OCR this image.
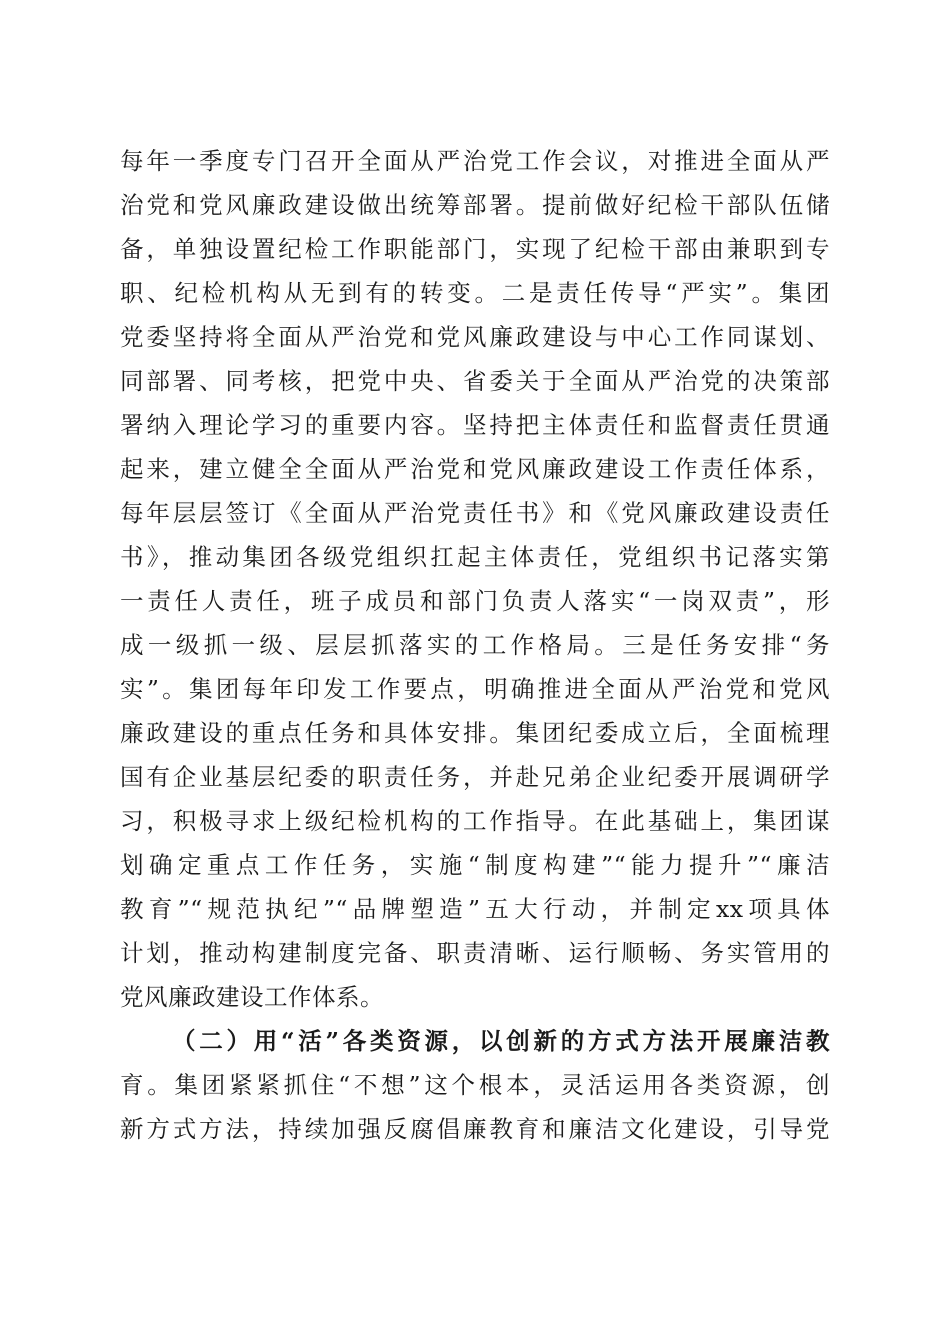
每年一季度专门召开全面从严治党工作会议，对推进全面从严
治党和党风廉政建设做出统筹部署。提前做好纪检干部队伍储
备，单独设置纪检工作职能部门，实现了纪检干部由兼职到专
职、纪检机构从无到有的转变。二是责任传导“严实”。集团
党委坚持将全面从严治党和党风廉政建设与中心工作同谋划、
同部署、同考核，把党中央、省委关于全面从严治党的决策部
署纳入理论学习的重要内容。坚持把主体责任和监督责任贯通
起来，建立健全全面从严治党和党风廉政建设工作责任体系，
每年层层签订《全面从严治党责任书》和《党风廉政建设责任
书》，推动集团各级党组织扛起主体责任，党组织书记落实第
一责任人责任，班子成员和部门负责人落实“一岗双责”，形
成一级抓一级、层层抓落实的工作格局。三是任务安排“务
实”。集团每年印发工作要点，明确推进全面从严治党和党风
廉政建设的重点任务和具体安排。集团纪委成立后，全面梳理
国有企业基层纪委的职责任务，并赴兄弟企业纪委开展调研学
习，积极寻求上级纪检机构的工作指导。在此基础上，集团谋
划确定重点工作任务，实施“制度构建”“能力提升”“廉洁
教育”“规范执纪”“品牌塑造”五大行动，并制定xx项具体
计划，推动构建制度完备、职责清晰、运行顺畅、务实管用的
党风廉政建设工作体系。
（二）用“活”各类资源，以创新的方式方法开展廉洁教
育。集团紧紧抓住“不想”这个根本，灵活运用各类资源，创
新方式方法，持续加强反腐倡廉教育和廉洁文化建设，引导党
